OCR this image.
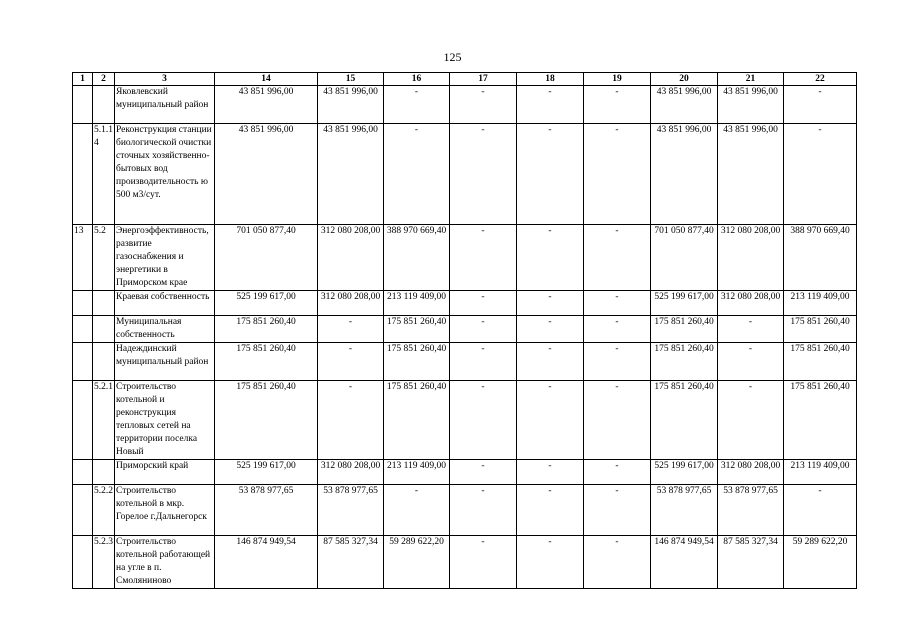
125
1	2	3	14	15	16	17	18	19	20	21	22
		Яковлевский муниципальный район	43 851 996,00	43 851 996,00	-	-	-	-	43 851 996,00	43 851 996,00	-
	5.1.14	Реконструкция станции биологической очистки сточных хозяйственно-бытовых вод производительность ю 500 м3/сут.	43 851 996,00	43 851 996,00	-	-	-	-	43 851 996,00	43 851 996,00	-
13	5.2	Энергоэффективность, развитие газоснабжения и энергетики в Приморском крае	701 050 877,40	312 080 208,00	388 970 669,40	-	-	-	701 050 877,40	312 080 208,00	388 970 669,40
		Краевая собственность	525 199 617,00	312 080 208,00	213 119 409,00	-	-	-	525 199 617,00	312 080 208,00	213 119 409,00
		Муниципальная собственность	175 851 260,40	-	175 851 260,40	-	-	-	175 851 260,40	-	175 851 260,40
		Надеждинский муниципальный район	175 851 260,40	-	175 851 260,40	-	-	-	175 851 260,40	-	175 851 260,40
	5.2.1	Строительство котельной и реконструкция тепловых сетей на территории поселка Новый	175 851 260,40	-	175 851 260,40	-	-	-	175 851 260,40	-	175 851 260,40
		Приморский край	525 199 617,00	312 080 208,00	213 119 409,00	-	-	-	525 199 617,00	312 080 208,00	213 119 409,00
	5.2.2	Строительство котельной в мкр. Горелое г.Дальнегорск	53 878 977,65	53 878 977,65	-	-	-	-	53 878 977,65	53 878 977,65	-
	5.2.3	Строительство котельной работающей на угле в п. Смоляниново	146 874 949,54	87 585 327,34	59 289 622,20	-	-	-	146 874 949,54	87 585 327,34	59 289 622,20
